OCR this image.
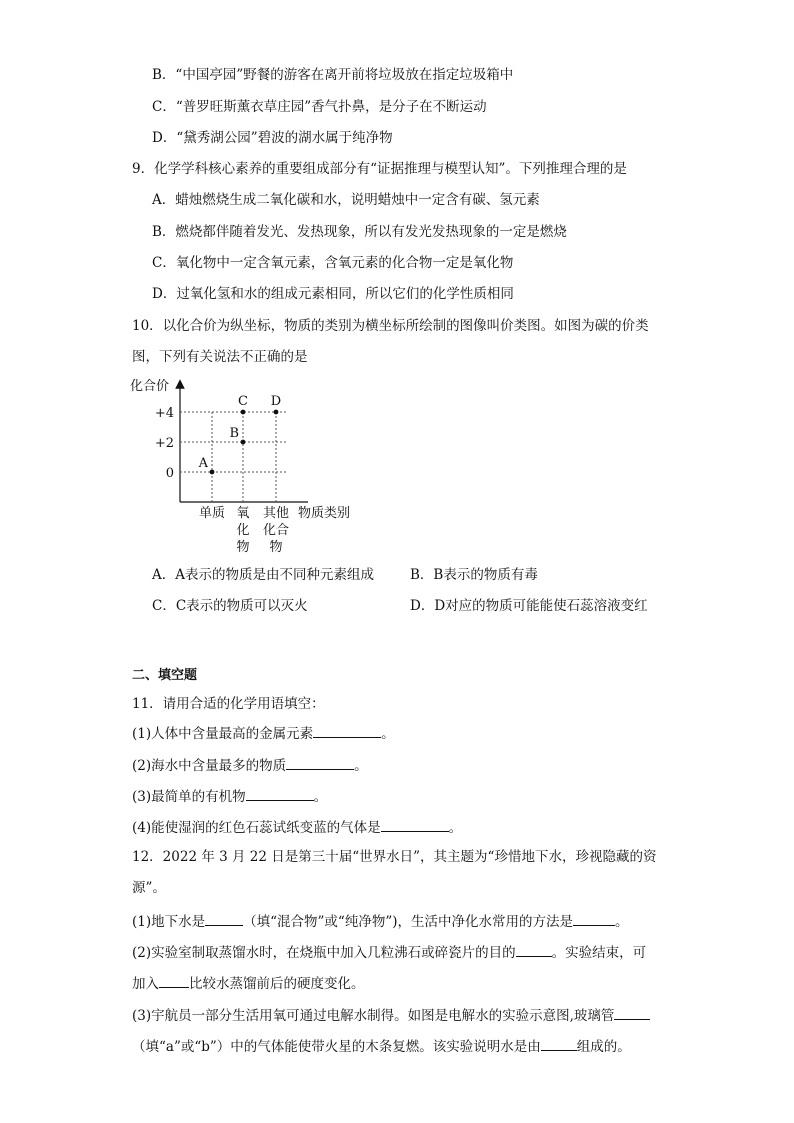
B．“中国亭园”野餐的游客在离开前将垃圾放在指定垃圾箱中
C．“普罗旺斯薰衣草庄园”香气扑鼻，是分子在不断运动
D．“黛秀湖公园”碧波的湖水属于纯净物
9．化学学科核心素养的重要组成部分有“证据推理与模型认知”。下列推理合理的是
A．蜡烛燃烧生成二氧化碳和水，说明蜡烛中一定含有碳、氢元素
B．燃烧都伴随着发光、发热现象，所以有发光发热现象的一定是燃烧
C．氧化物中一定含氧元素，含氧元素的化合物一定是氧化物
D．过氧化氢和水的组成元素相同，所以它们的化学性质相同
10．以化合价为纵坐标，物质的类别为横坐标所绘制的图像叫价类图。如图为碳的价类
图，下列有关说法不正确的是
化合价
物质类别
+4
+2
0
单质 氧
化
物
其他
化合
物
A
B
C D
A．A表示的物质是由不同种元素组成	B．B表示的物质有毒
C．C表示的物质可以灭火	D．D对应的物质可能能使石蕊溶液变红
二、填空题
11．请用合适的化学用语填空：
(1)人体中含量最高的金属元素	。
(2)海水中含量最多的物质	。
(3)最简单的有机物	。
(4)能使湿润的红色石蕊试纸变蓝的气体是	。
12．2022 年 3 月 22 日是第三十届“世界水日”，其主题为“珍惜地下水，珍视隐藏的资
源”。
(1)地下水是	（填“混合物”或“纯净物”)，生活中净化水常用的方法是	。
(2)实验室制取蒸馏水时，在烧瓶中加入几粒沸石或碎瓷片的目的	。实验结束，可
加入 比较水蒸馏前后的硬度变化。
(3)宇航员一部分生活用氧可通过电解水制得。如图是电解水的实验示意图,玻璃管
（填“a”或“b”）中的气体能使带火星的木条复燃。该实验说明水是由	组成的。
